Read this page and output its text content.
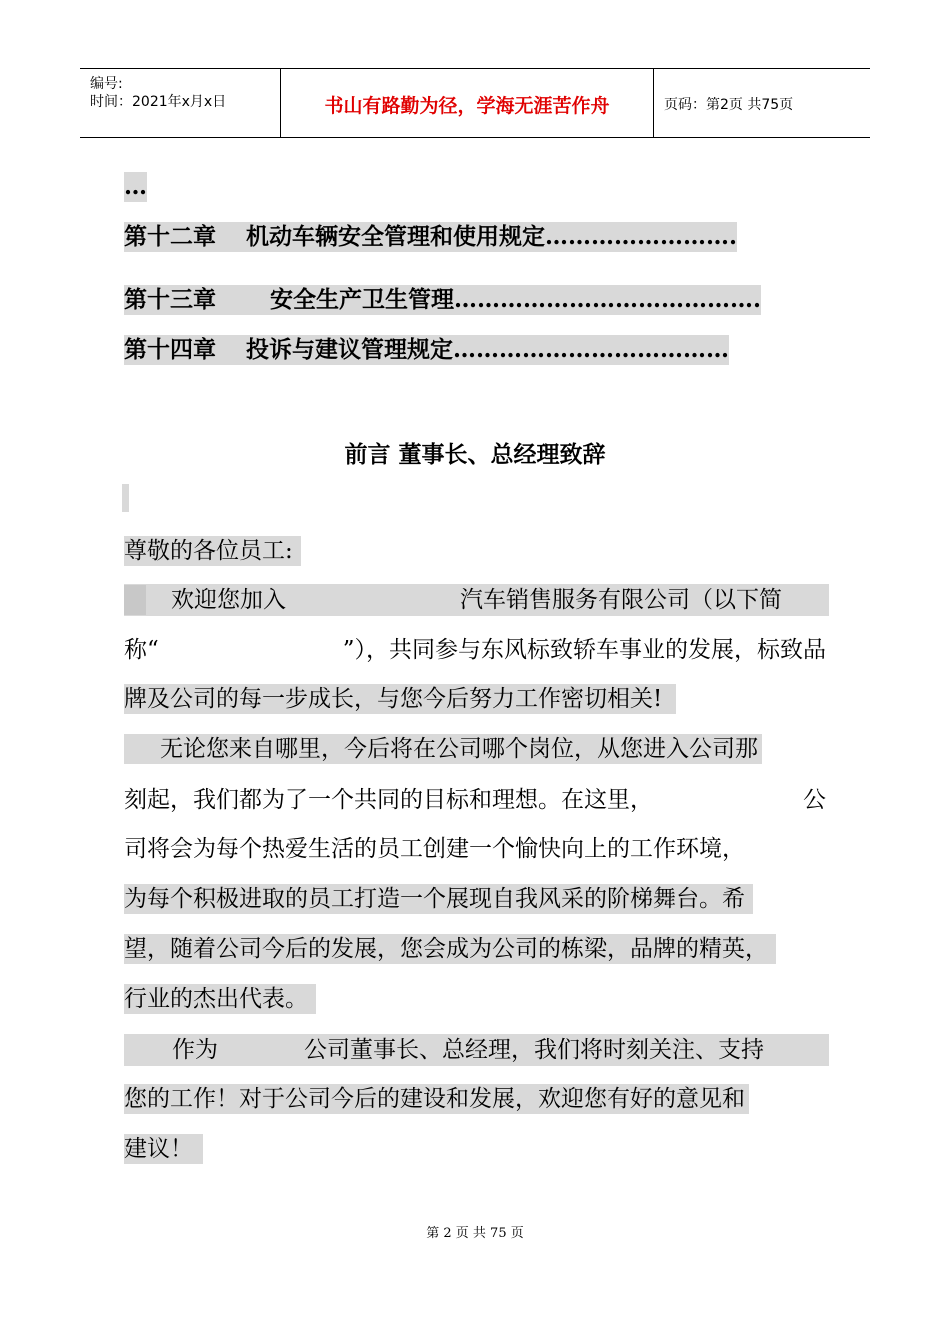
编号:
时间：2021年x月x日	书山有路勤为径，学海无涯苦作舟	页码：第2页 共75页
…
第十二章 机动车辆安全管理和使用规定…………………….
第十三章 安全生产卫生管理………………………………….
第十四章 投诉与建议管理规定………………………………
前言 董事长、总经理致辞
尊敬的各位员工:
欢迎您加入	汽车销售服务有限公司（以下简
称“	”），共同参与东风标致轿车事业的发展，标致品
牌及公司的每一步成长，与您今后努力工作密切相关!
无论您来自哪里，今后将在公司哪个岗位，从您进入公司那
刻起，我们都为了一个共同的目标和理想。在这里，	公
司将会为每个热爱生活的员工创建一个愉快向上的工作环境，
为每个积极进取的员工打造一个展现自我风采的阶梯舞台。希
望，随着公司今后的发展，您会成为公司的栋梁，品牌的精英，
行业的杰出代表。
作为	公司董事长、总经理，我们将时刻关注、支持
您的工作！对于公司今后的建设和发展，欢迎您有好的意见和
建议！
第 2 页 共 75 页
